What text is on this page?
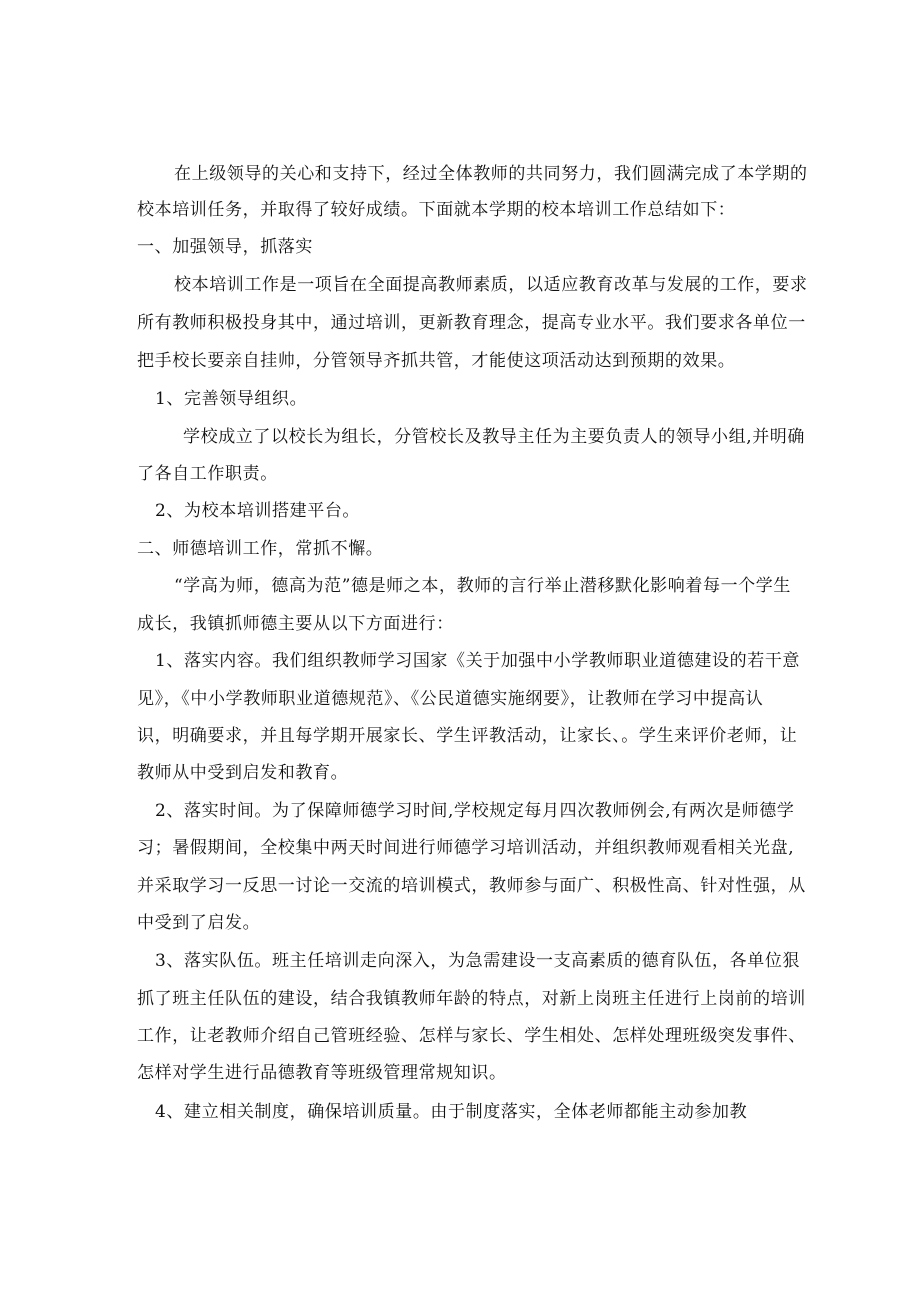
在上级领导的关心和支持下，经过全体教师的共同努力，我们圆满完成了本学期的
校本培训任务，并取得了较好成绩。下面就本学期的校本培训工作总结如下：
一、加强领导，抓落实
校本培训工作是一项旨在全面提高教师素质，以适应教育改革与发展的工作，要求
所有教师积极投身其中，通过培训，更新教育理念，提高专业水平。我们要求各单位一
把手校长要亲自挂帅，分管领导齐抓共管，才能使这项活动达到预期的效果。
1、完善领导组织。
学校成立了以校长为组长，分管校长及教导主任为主要负责人的领导小组,并明确
了各自工作职责。
2、为校本培训搭建平台。
二、师德培训工作，常抓不懈。
“学高为师，德高为范”德是师之本，教师的言行举止潜移默化影响着每一个学生
成长，我镇抓师德主要从以下方面进行：
1、落实内容。我们组织教师学习国家《关于加强中小学教师职业道德建设的若干意
见》，《中小学教师职业道德规范》、《公民道德实施纲要》，让教师在学习中提高认
识，明确要求，并且每学期开展家长、学生评教活动，让家长、。学生来评价老师，让
教师从中受到启发和教育。
2、落实时间。为了保障师德学习时间,学校规定每月四次教师例会,有两次是师德学
习；暑假期间，全校集中两天时间进行师德学习培训活动，并组织教师观看相关光盘,
并采取学习一反思一讨论一交流的培训模式，教师参与面广、积极性高、针对性强，从
中受到了启发。
3、落实队伍。班主任培训走向深入，为急需建设一支高素质的德育队伍，各单位狠
抓了班主任队伍的建设，结合我镇教师年龄的特点，对新上岗班主任进行上岗前的培训
工作，让老教师介绍自己管班经验、怎样与家长、学生相处、怎样处理班级突发事件、
怎样对学生进行品德教育等班级管理常规知识。
4、建立相关制度，确保培训质量。由于制度落实，全体老师都能主动参加教
